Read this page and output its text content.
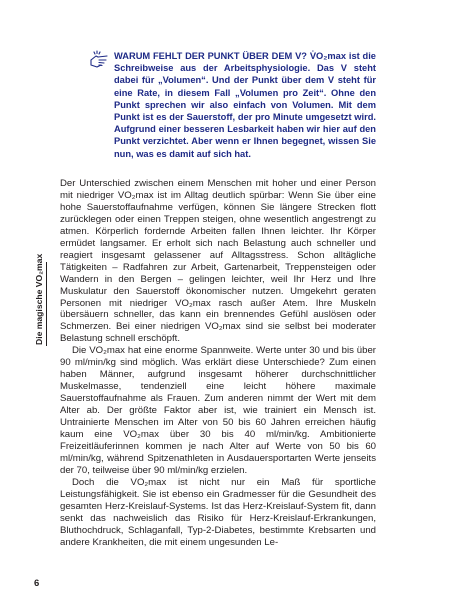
WARUM FEHLT DER PUNKT ÜBER DEM V? V̇O₂max ist die Schreibweise aus der Arbeitsphysiologie. Das V steht dabei für „Volumen“. Und der Punkt über dem V steht für eine Rate, in diesem Fall „Volumen pro Zeit“. Ohne den Punkt sprechen wir also einfach von Volumen. Mit dem Punkt ist es der Sauerstoff, der pro Minute umgesetzt wird. Aufgrund einer besseren Lesbarkeit haben wir hier auf den Punkt verzichtet. Aber wenn er Ihnen begegnet, wissen Sie nun, was es damit auf sich hat.

Der Unterschied zwischen einem Menschen mit hoher und einer Person mit niedriger VO₂max ist im Alltag deutlich spürbar: Wenn Sie über eine hohe Sauerstoffaufnahme verfügen, können Sie längere Strecken flott zurücklegen oder einen Treppen steigen, ohne wesentlich angestrengt zu atmen. Körperlich fordernde Arbeiten fallen Ihnen leichter. Ihr Körper ermüdet langsamer. Er erholt sich nach Belastung auch schneller und reagiert insgesamt gelassener auf Alltagsstress. Schon alltägliche Tätigkeiten – Radfahren zur Arbeit, Gartenarbeit, Treppensteigen oder Wandern in den Bergen – gelingen leichter, weil Ihr Herz und Ihre Muskulatur den Sauerstoff ökonomischer nutzen. Umgekehrt geraten Personen mit niedriger VO₂max rasch außer Atem. Ihre Muskeln übersäuern schneller, das kann ein brennendes Gefühl auslösen oder Schmerzen. Bei einer niedrigen VO₂max sind sie selbst bei moderater Belastung schnell erschöpft.

Die VO₂max hat eine enorme Spannweite. Werte unter 30 und bis über 90 ml/min/kg sind möglich. Was erklärt diese Unterschiede? Zum einen haben Männer, aufgrund insgesamt höherer durchschnittlicher Muskelmasse, tendenziell eine leicht höhere maximale Sauerstoffaufnahme als Frauen. Zum anderen nimmt der Wert mit dem Alter ab. Der größte Faktor aber ist, wie trainiert ein Mensch ist. Untrainierte Menschen im Alter von 50 bis 60 Jahren erreichen häufig kaum eine VO₂max über 30 bis 40 ml/min/kg. Ambitionierte Freizeitläuferinnen kommen je nach Alter auf Werte von 50 bis 60 ml/min/kg, während Spitzenathleten in Ausdauersportarten Werte jenseits der 70, teilweise über 90 ml/min/kg erzielen.

Doch die VO₂max ist nicht nur ein Maß für sportliche Leistungsfähigkeit. Sie ist ebenso ein Gradmesser für die Gesundheit des gesamten Herz-Kreislauf-Systems. Ist das Herz-Kreislauf-System fit, dann senkt das nachweislich das Risiko für Herz-Kreislauf-Erkrankungen, Bluthochdruck, Schlaganfall, Typ-2-Diabetes, bestimmte Krebsarten und andere Krankheiten, die mit einem ungesunden Le-

Die magische VO₂max
6
